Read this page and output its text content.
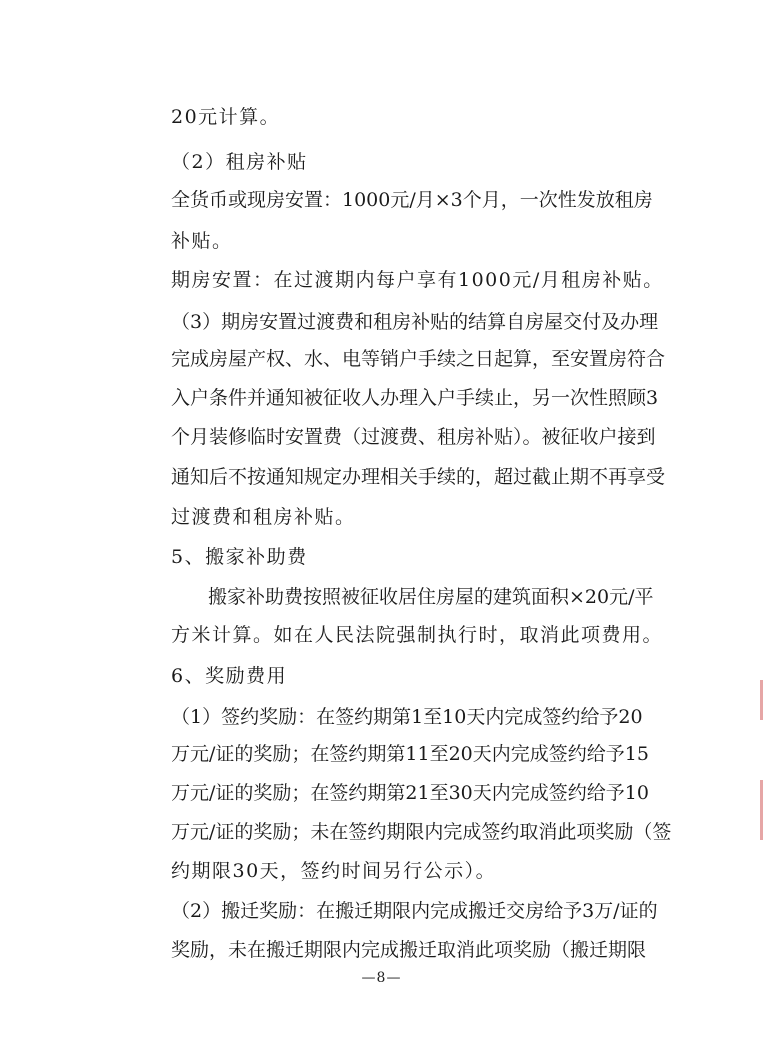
20元计算。
（2）租房补贴
全货币或现房安置：1000元/月×3个月，一次性发放租房
补贴。
期房安置：在过渡期内每户享有1000元/月租房补贴。
（3）期房安置过渡费和租房补贴的结算自房屋交付及办理
完成房屋产权、水、电等销户手续之日起算，至安置房符合
入户条件并通知被征收人办理入户手续止，另一次性照顾3
个月装修临时安置费（过渡费、租房补贴）。被征收户接到
通知后不按通知规定办理相关手续的，超过截止期不再享受
过渡费和租房补贴。
5、搬家补助费
搬家补助费按照被征收居住房屋的建筑面积×20元/平
方米计算。如在人民法院强制执行时，取消此项费用。
6、奖励费用
（1）签约奖励：在签约期第1至10天内完成签约给予20
万元/证的奖励；在签约期第11至20天内完成签约给予15
万元/证的奖励；在签约期第21至30天内完成签约给予10
万元/证的奖励；未在签约期限内完成签约取消此项奖励（签
约期限30天，签约时间另行公示）。
（2）搬迁奖励：在搬迁期限内完成搬迁交房给予3万/证的
奖励，未在搬迁期限内完成搬迁取消此项奖励（搬迁期限
—8—
